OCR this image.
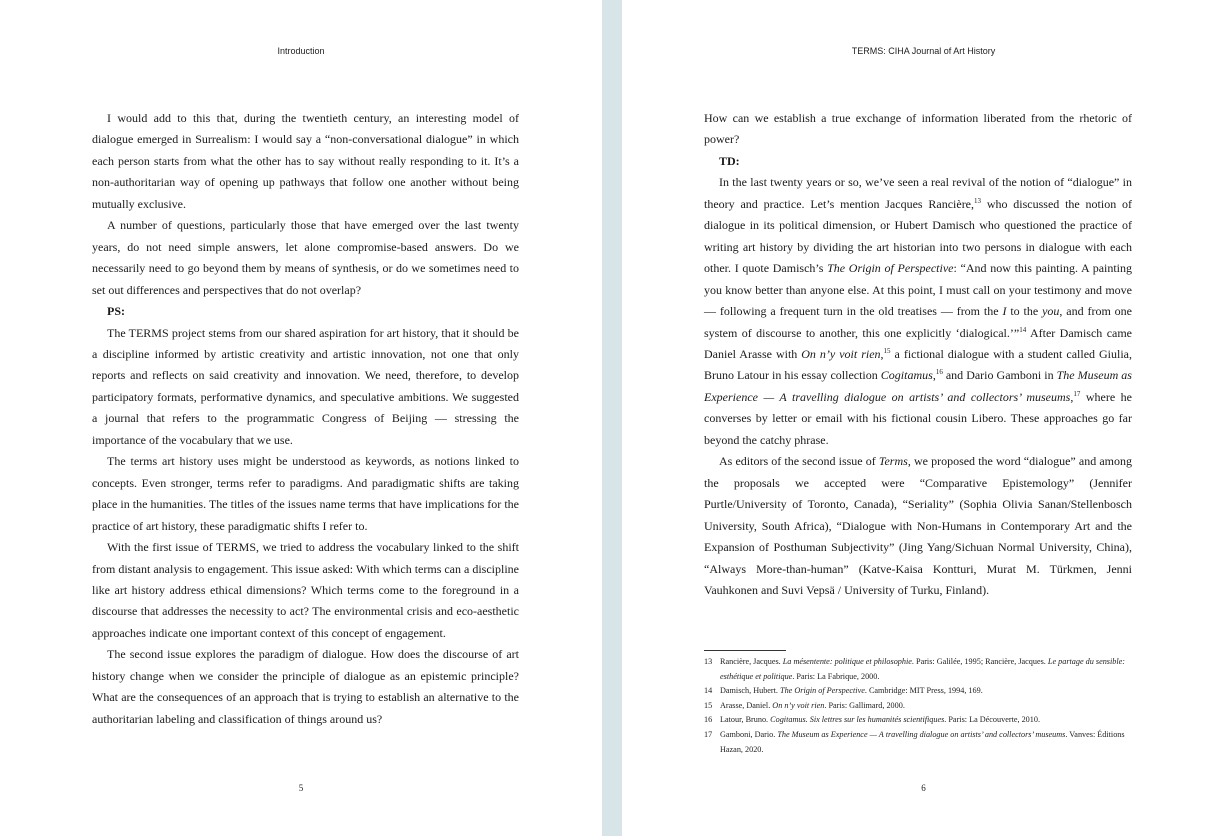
Introduction

I would add to this that, during the twentieth century, an interesting model of dialogue emerged in Surrealism: I would say a “non-conversational dialogue” in which each person starts from what the other has to say without really responding to it. It’s a non-authoritarian way of opening up pathways that follow one another without being mutually exclusive.

A number of questions, particularly those that have emerged over the last twenty years, do not need simple answers, let alone compromise-based answers. Do we necessarily need to go beyond them by means of synthesis, or do we sometimes need to set out differences and perspectives that do not overlap?

PS:

The TERMS project stems from our shared aspiration for art history, that it should be a discipline informed by artistic creativity and artistic innovation, not one that only reports and reflects on said creativity and innovation. We need, therefore, to develop participatory formats, performative dynamics, and speculative ambitions. We suggested a journal that refers to the programmatic Congress of Beijing — stressing the importance of the vocabulary that we use.

The terms art history uses might be understood as keywords, as notions linked to concepts. Even stronger, terms refer to paradigms. And paradigmatic shifts are taking place in the humanities. The titles of the issues name terms that have implications for the practice of art history, these paradigmatic shifts I refer to.

With the first issue of TERMS, we tried to address the vocabulary linked to the shift from distant analysis to engagement. This issue asked: With which terms can a discipline like art history address ethical dimensions? Which terms come to the foreground in a discourse that addresses the necessity to act? The environmental crisis and eco-aesthetic approaches indicate one important context of this concept of engagement.

The second issue explores the paradigm of dialogue. How does the discourse of art history change when we consider the principle of dialogue as an epistemic principle? What are the consequences of an approach that is trying to establish an alternative to the authoritarian labeling and classification of things around us?

5
TERMS: CIHA Journal of Art History

How can we establish a true exchange of information liberated from the rhetoric of power?

TD:

In the last twenty years or so, we’ve seen a real revival of the notion of “dialogue” in theory and practice. Let’s mention Jacques Rancière,$^{13}$ who discussed the notion of dialogue in its political dimension, or Hubert Damisch who questioned the practice of writing art history by dividing the art historian into two persons in dialogue with each other. I quote Damisch’s The Origin of Perspective: “And now this painting. A painting you know better than anyone else. At this point, I must call on your testimony and move — following a frequent turn in the old treatises — from the I to the you, and from one system of discourse to another, this one explicitly ‘dialogical.’”$^{14}$ After Damisch came Daniel Arasse with On n’y voit rien,$^{15}$ a fictional dialogue with a student called Giulia, Bruno Latour in his essay collection Cogitamus,$^{16}$ and Dario Gamboni in The Museum as Experience — A travelling dialogue on artists’ and collectors’ museums,$^{17}$ where he converses by letter or email with his fictional cousin Libero. These approaches go far beyond the catchy phrase.

As editors of the second issue of Terms, we proposed the word “dialogue” and among the proposals we accepted were “Comparative Epistemology” (Jennifer Purtle/University of Toronto, Canada), “Seriality” (Sophia Olivia Sanan/Stellenbosch University, South Africa), “Dialogue with Non-Humans in Contemporary Art and the Expansion of Posthuman Subjectivity” (Jing Yang/Sichuan Normal University, China), “Always More-than-human” (Katve-Kaisa Kontturi, Murat M. Türkmen, Jenni Vauhkonen and Suvi Vepsä / University of Turku, Finland).

13 Rancière, Jacques. La mésentente: politique et philosophie. Paris: Galilée, 1995; Rancière, Jacques. Le partage du sensible: esthétique et politique. Paris: La Fabrique, 2000.
14 Damisch, Hubert. The Origin of Perspective. Cambridge: MIT Press, 1994, 169.
15 Arasse, Daniel. On n’y voit rien. Paris: Gallimard, 2000.
16 Latour, Bruno. Cogitamus. Six lettres sur les humanités scientifiques. Paris: La Découverte, 2010.
17 Gamboni, Dario. The Museum as Experience — A travelling dialogue on artists’ and collectors’ museums. Vanves: Éditions Hazan, 2020.
6
